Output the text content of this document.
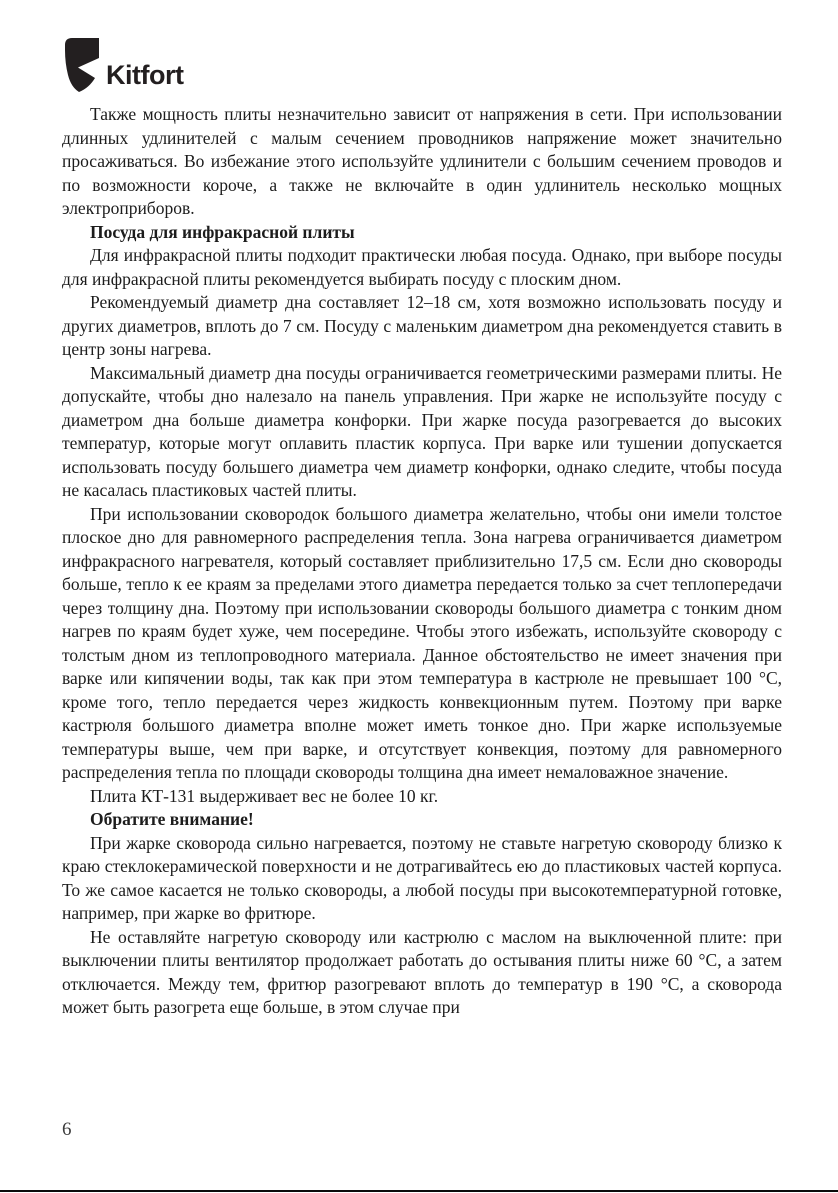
Kitfort

Также мощность плиты незначительно зависит от напряжения в сети. При использовании длинных удлинителей с малым сечением проводников напряжение может значительно просаживаться. Во избежание этого используйте удлинители с большим сечением проводов и по возможности короче, а также не включайте в один удлинитель несколько мощных электроприборов.

Посуда для инфракрасной плиты

Для инфракрасной плиты подходит практически любая посуда. Однако, при выборе посуды для инфракрасной плиты рекомендуется выбирать посуду с плоским дном.

Рекомендуемый диаметр дна составляет 12–18 см, хотя возможно использовать посуду и других диаметров, вплоть до 7 см. Посуду с маленьким диаметром дна рекомендуется ставить в центр зоны нагрева.

Максимальный диаметр дна посуды ограничивается геометрическими размерами плиты. Не допускайте, чтобы дно налезало на панель управления. При жарке не используйте посуду с диаметром дна больше диаметра конфорки. При жарке посуда разогревается до высоких температур, которые могут оплавить пластик корпуса. При варке или тушении допускается использовать посуду большего диаметра чем диаметр конфорки, однако следите, чтобы посуда не касалась пластиковых частей плиты.

При использовании сковородок большого диаметра желательно, чтобы они имели толстое плоское дно для равномерного распределения тепла. Зона нагрева ограничивается диаметром инфракрасного нагревателя, который составляет приблизительно 17,5 см. Если дно сковороды больше, тепло к ее краям за пределами этого диаметра передается только за счет теплопередачи через толщину дна. Поэтому при использовании сковороды большого диаметра с тонким дном нагрев по краям будет хуже, чем посередине. Чтобы этого избежать, используйте сковороду с толстым дном из теплопроводного материала. Данное обстоятельство не имеет значения при варке или кипячении воды, так как при этом температура в кастрюле не превышает 100 °С, кроме того, тепло передается через жидкость конвекционным путем. Поэтому при варке кастрюля большого диаметра вполне может иметь тонкое дно. При жарке используемые температуры выше, чем при варке, и отсутствует конвекция, поэтому для равномерного распределения тепла по площади сковороды толщина дна имеет немаловажное значение.

Плита КТ-131 выдерживает вес не более 10 кг.

Обратите внимание!

При жарке сковорода сильно нагревается, поэтому не ставьте нагретую сковороду близко к краю стеклокерамической поверхности и не дотрагивайтесь ею до пластиковых частей корпуса. То же самое касается не только сковороды, а любой посуды при высокотемпературной готовке, например, при жарке во фритюре.

Не оставляйте нагретую сковороду или кастрюлю с маслом на выключенной плите: при выключении плиты вентилятор продолжает работать до остывания плиты ниже 60 °С, а затем отключается. Между тем, фритюр разогревают вплоть до температур в 190 °С, а сковорода может быть разогрета еще больше, в этом случае при

6
